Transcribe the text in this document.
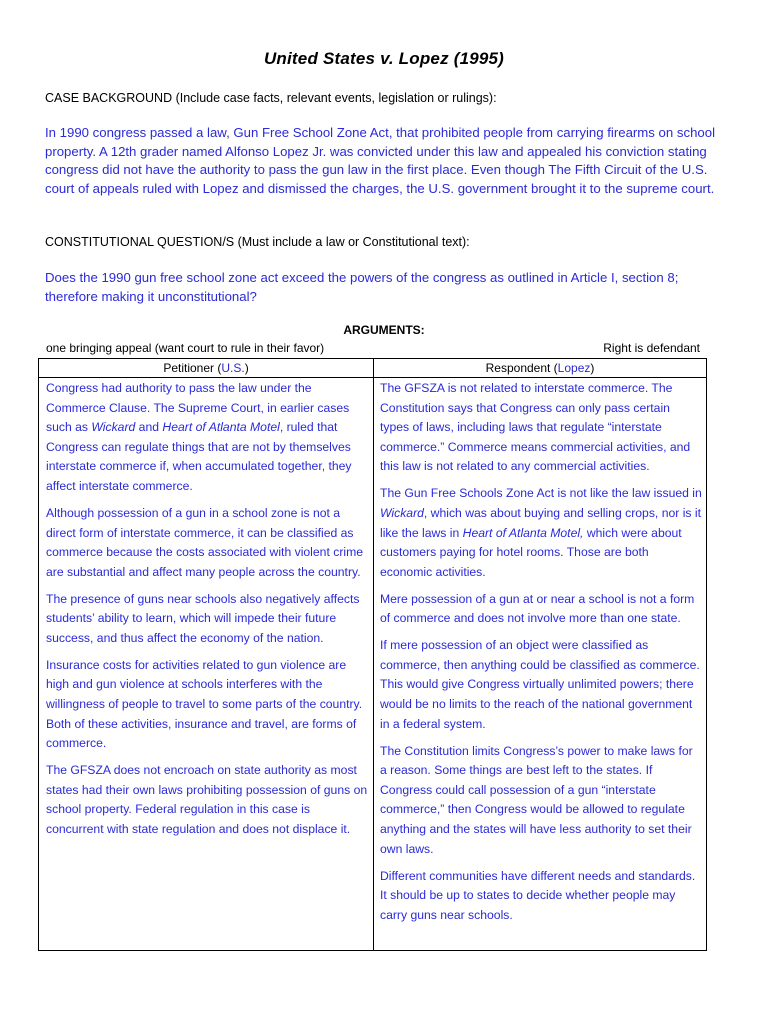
United States v. Lopez (1995)
CASE BACKGROUND (Include case facts, relevant events, legislation or rulings):
In 1990 congress passed a law, Gun Free School Zone Act, that prohibited people from carrying firearms on school property. A 12th grader named Alfonso Lopez Jr. was convicted under this law and appealed his conviction stating congress did not have the authority to pass the gun law in the first place. Even though The Fifth Circuit of the U.S. court of appeals ruled with Lopez and dismissed the charges, the U.S. government brought it to the supreme court.
CONSTITUTIONAL QUESTION/S (Must include a law or Constitutional text):
Does the 1990 gun free school zone act exceed the powers of the congress as outlined in Article I, section 8; therefore making it unconstitutional?
ARGUMENTS:
one bringing appeal (want court to rule in their favor)	Right is defendant
Petitioner (U.S.)	Respondent (Lopez)

Congress had authority to pass the law under the Commerce Clause. The Supreme Court, in earlier cases such as Wickard and Heart of Atlanta Motel, ruled that Congress can regulate things that are not by themselves interstate commerce if, when accumulated together, they affect interstate commerce.

Although possession of a gun in a school zone is not a direct form of interstate commerce, it can be classified as commerce because the costs associated with violent crime are substantial and affect many people across the country.

The presence of guns near schools also negatively affects students’ ability to learn, which will impede their future success, and thus affect the economy of the nation.

Insurance costs for activities related to gun violence are high and gun violence at schools interferes with the willingness of people to travel to some parts of the country. Both of these activities, insurance and travel, are forms of commerce.

The GFSZA does not encroach on state authority as most states had their own laws prohibiting possession of guns on school property. Federal regulation in this case is concurrent with state regulation and does not displace it.

The GFSZA is not related to interstate commerce. The Constitution says that Congress can only pass certain types of laws, including laws that regulate “interstate commerce.” Commerce means commercial activities, and this law is not related to any commercial activities.

The Gun Free Schools Zone Act is not like the law issued in Wickard, which was about buying and selling crops, nor is it like the laws in Heart of Atlanta Motel, which were about customers paying for hotel rooms. Those are both economic activities.

Mere possession of a gun at or near a school is not a form of commerce and does not involve more than one state.

If mere possession of an object were classified as commerce, then anything could be classified as commerce. This would give Congress virtually unlimited powers; there would be no limits to the reach of the national government in a federal system.

The Constitution limits Congress’s power to make laws for a reason. Some things are best left to the states. If Congress could call possession of a gun “interstate commerce,” then Congress would be allowed to regulate anything and the states will have less authority to set their own laws.

Different communities have different needs and standards. It should be up to states to decide whether people may carry guns near schools.
